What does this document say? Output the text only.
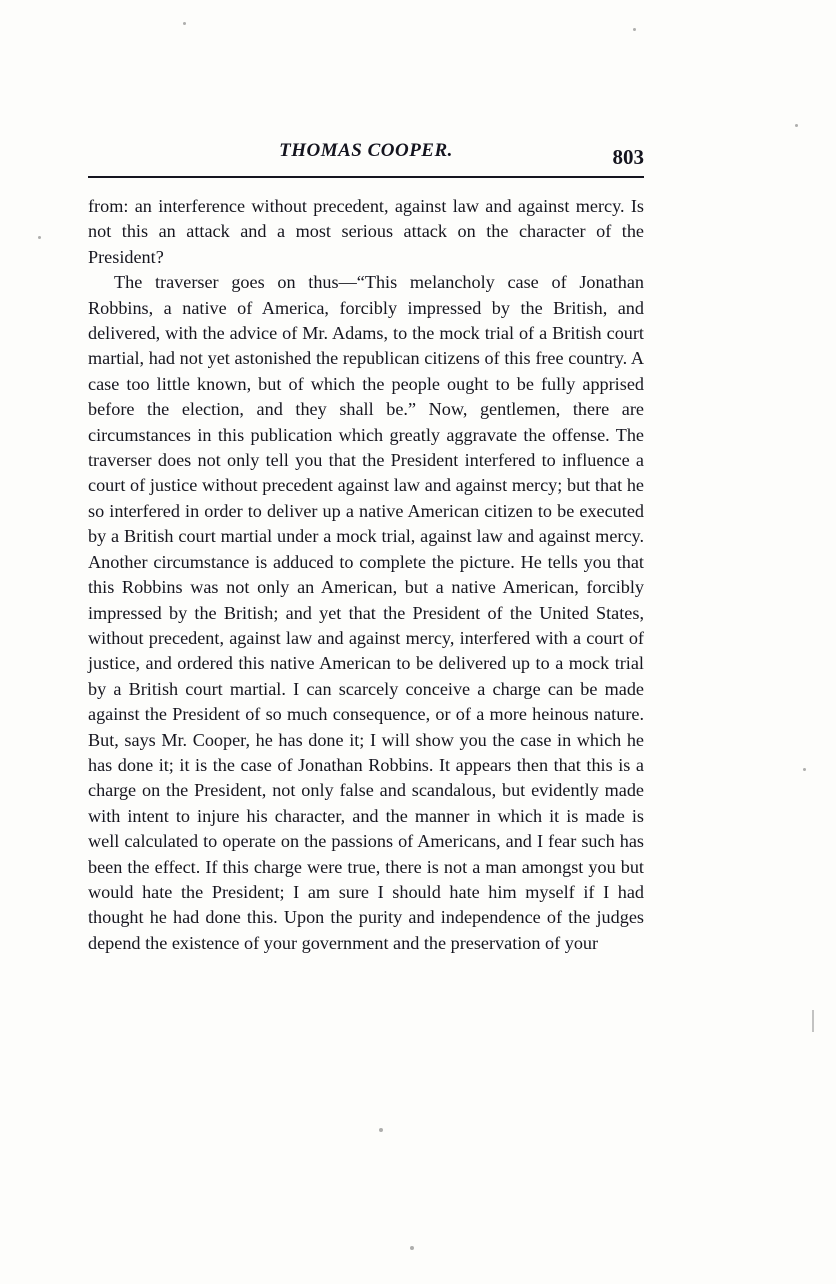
THOMAS COOPER.	803

from: an interference without precedent, against law and against mercy. Is not this an attack and a most serious attack on the character of the President?

The traverser goes on thus—“This melancholy case of Jonathan Robbins, a native of America, forcibly impressed by the British, and delivered, with the advice of Mr. Adams, to the mock trial of a British court martial, had not yet astonished the republican citizens of this free country. A case too little known, but of which the people ought to be fully apprised before the election, and they shall be.” Now, gentlemen, there are circumstances in this publication which greatly aggravate the offense. The traverser does not only tell you that the President interfered to influence a court of justice without precedent against law and against mercy; but that he so interfered in order to deliver up a native American citizen to be executed by a British court martial under a mock trial, against law and against mercy. Another circumstance is adduced to complete the picture. He tells you that this Robbins was not only an American, but a native American, forcibly impressed by the British; and yet that the President of the United States, without precedent, against law and against mercy, interfered with a court of justice, and ordered this native American to be delivered up to a mock trial by a British court martial. I can scarcely conceive a charge can be made against the President of so much consequence, or of a more heinous nature. But, says Mr. Cooper, he has done it; I will show you the case in which he has done it; it is the case of Jonathan Robbins. It appears then that this is a charge on the President, not only false and scandalous, but evidently made with intent to injure his character, and the manner in which it is made is well calculated to operate on the passions of Americans, and I fear such has been the effect. If this charge were true, there is not a man amongst you but would hate the President; I am sure I should hate him myself if I had thought he had done this. Upon the purity and independence of the judges depend the existence of your government and the preservation of your
